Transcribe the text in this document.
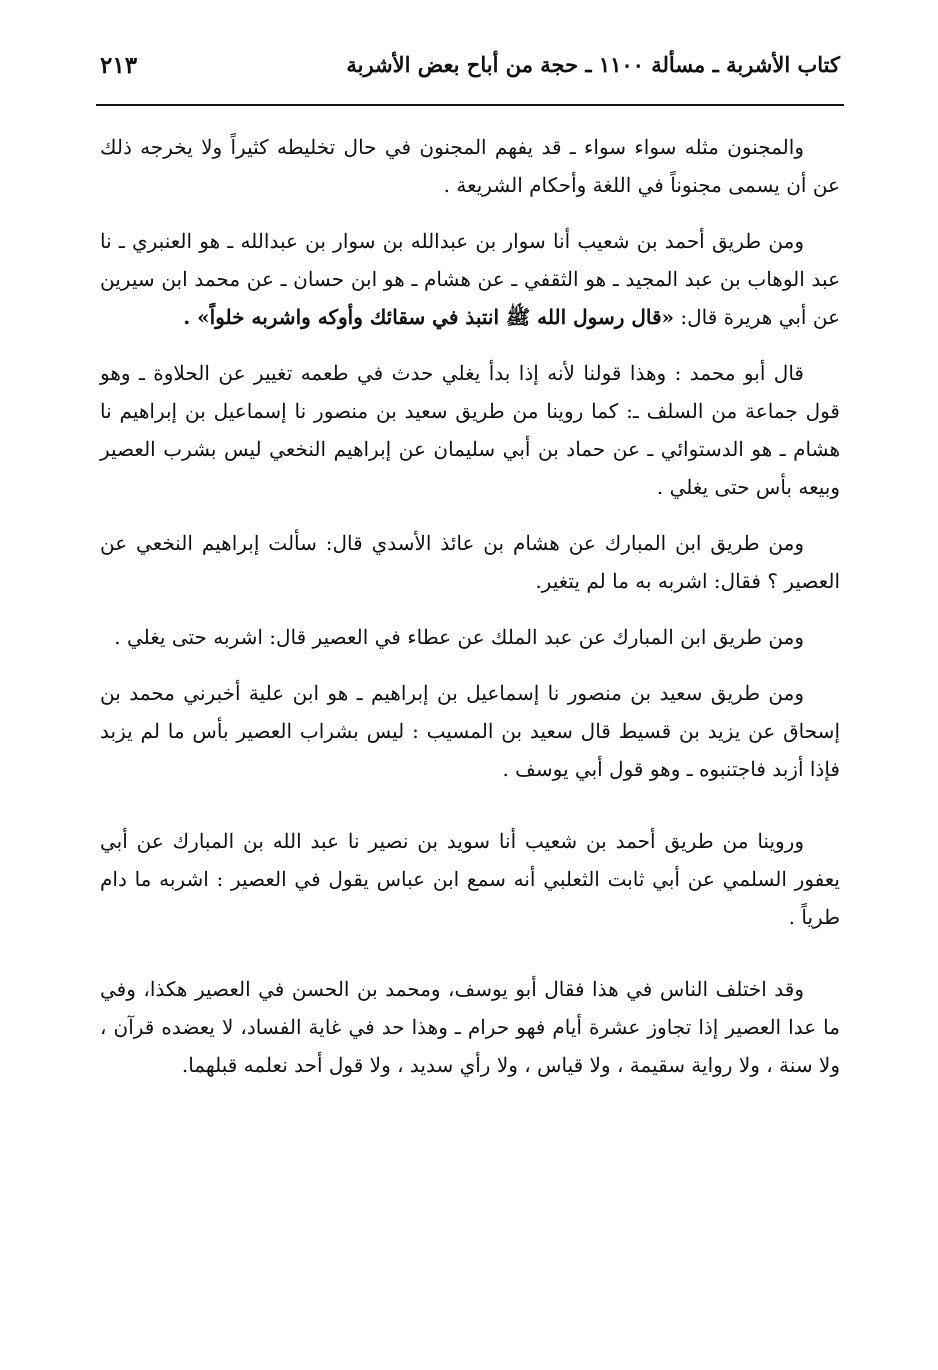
كتاب الأشربة ـ مسألة ١١٠٠ ـ حجة من أباح بعض الأشربة
٢١٣

والمجنون مثله سواء سواء ـ قد يفهم المجنون في حال تخليطه كثيراً ولا يخرجه ذلك عن أن يسمى مجنوناً في اللغة وأحكام الشريعة .

ومن طريق أحمد بن شعيب أنا سوار بن عبدالله بن سوار بن عبدالله ـ هو العنبري ـ نا عبد الوهاب بن عبد المجيد ـ هو الثقفي ـ عن هشام ـ هو ابن حسان ـ عن محمد ابن سيرين عن أبي هريرة قال: «قال رسول الله ﷺ انتبذ في سقائك وأوكه واشربه خلواً» .

قال أبو محمد : وهذا قولنا لأنه إذا بدأ يغلي حدث في طعمه تغيير عن الحلاوة ـ وهو قول جماعة من السلف ـ: كما روينا من طريق سعيد بن منصور نا إسماعيل بن إبراهيم نا هشام ـ هو الدستوائي ـ عن حماد بن أبي سليمان عن إبراهيم النخعي ليس بشرب العصير وبيعه بأس حتى يغلي .

ومن طريق ابن المبارك عن هشام بن عائذ الأسدي قال: سألت إبراهيم النخعي عن العصير ؟ فقال: اشربه به ما لم يتغير.

ومن طريق ابن المبارك عن عبد الملك عن عطاء في العصير قال: اشربه حتى يغلي .

ومن طريق سعيد بن منصور نا إسماعيل بن إبراهيم ـ هو ابن علية أخبرني محمد بن إسحاق عن يزيد بن قسيط قال سعيد بن المسيب : ليس بشراب العصير بأس ما لم يزبد فإذا أزبد فاجتنبوه ـ وهو قول أبي يوسف .

وروينا من طريق أحمد بن شعيب أنا سويد بن نصير نا عبد الله بن المبارك عن أبي يعفور السلمي عن أبي ثابت الثعلبي أنه سمع ابن عباس يقول في العصير : اشربه ما دام طرياً .

وقد اختلف الناس في هذا فقال أبو يوسف، ومحمد بن الحسن في العصير هكذا، وفي ما عدا العصير إذا تجاوز عشرة أيام فهو حرام ـ وهذا حد في غاية الفساد، لا يعضده قرآن ، ولا سنة ، ولا رواية سقيمة ، ولا قياس ، ولا رأي سديد ، ولا قول أحد نعلمه قبلهما.
